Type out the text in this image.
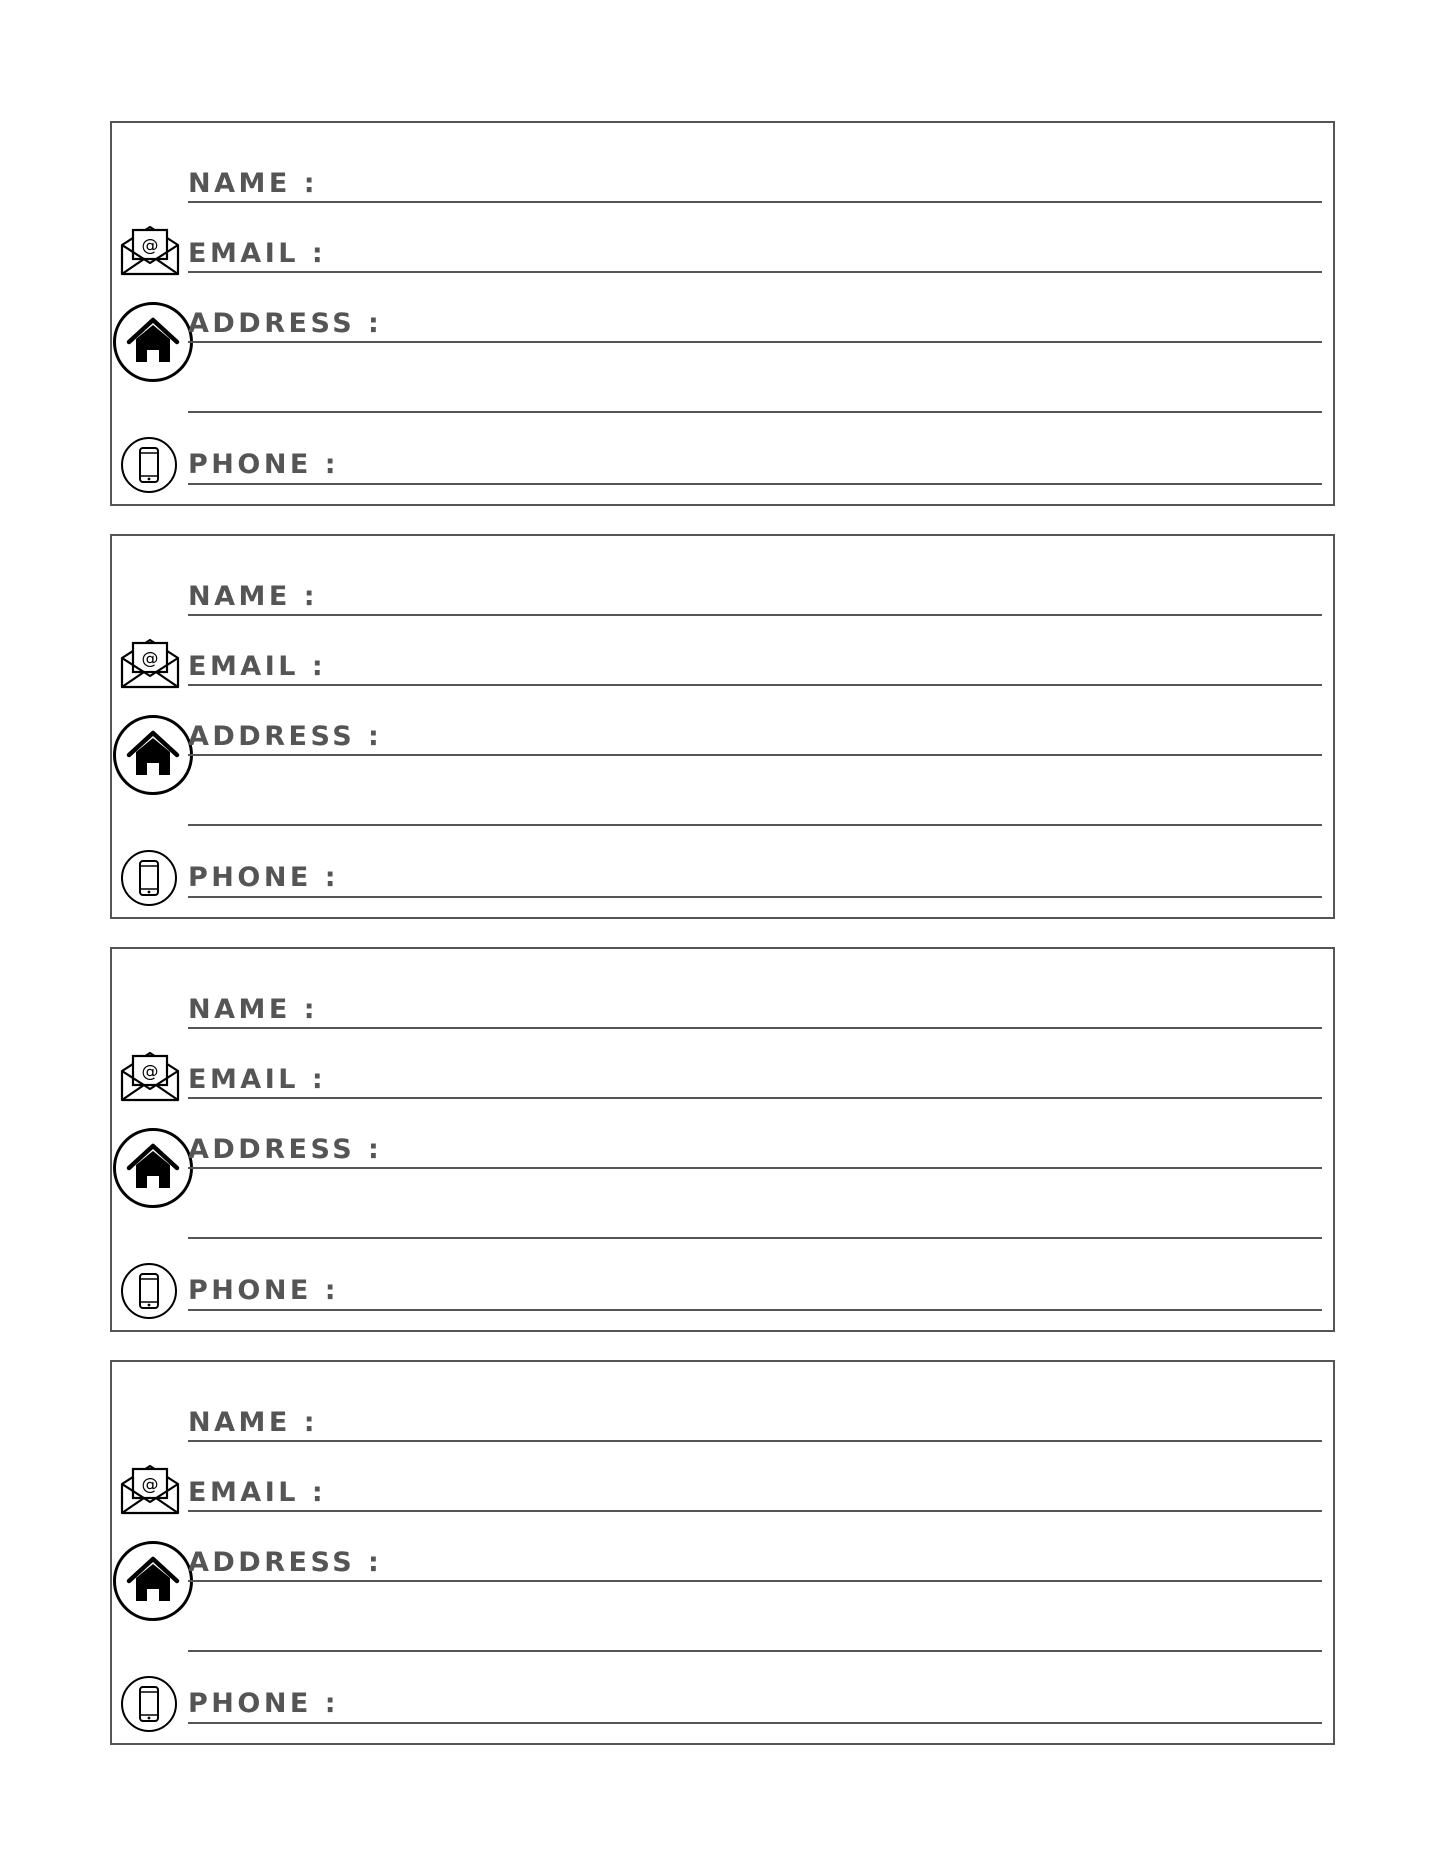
NAME :
@ EMAIL :
ADDRESS :
PHONE :
NAME :
@ EMAIL :
ADDRESS :
PHONE :
NAME :
@ EMAIL :
ADDRESS :
PHONE :
NAME :
@ EMAIL :
ADDRESS :
PHONE :
